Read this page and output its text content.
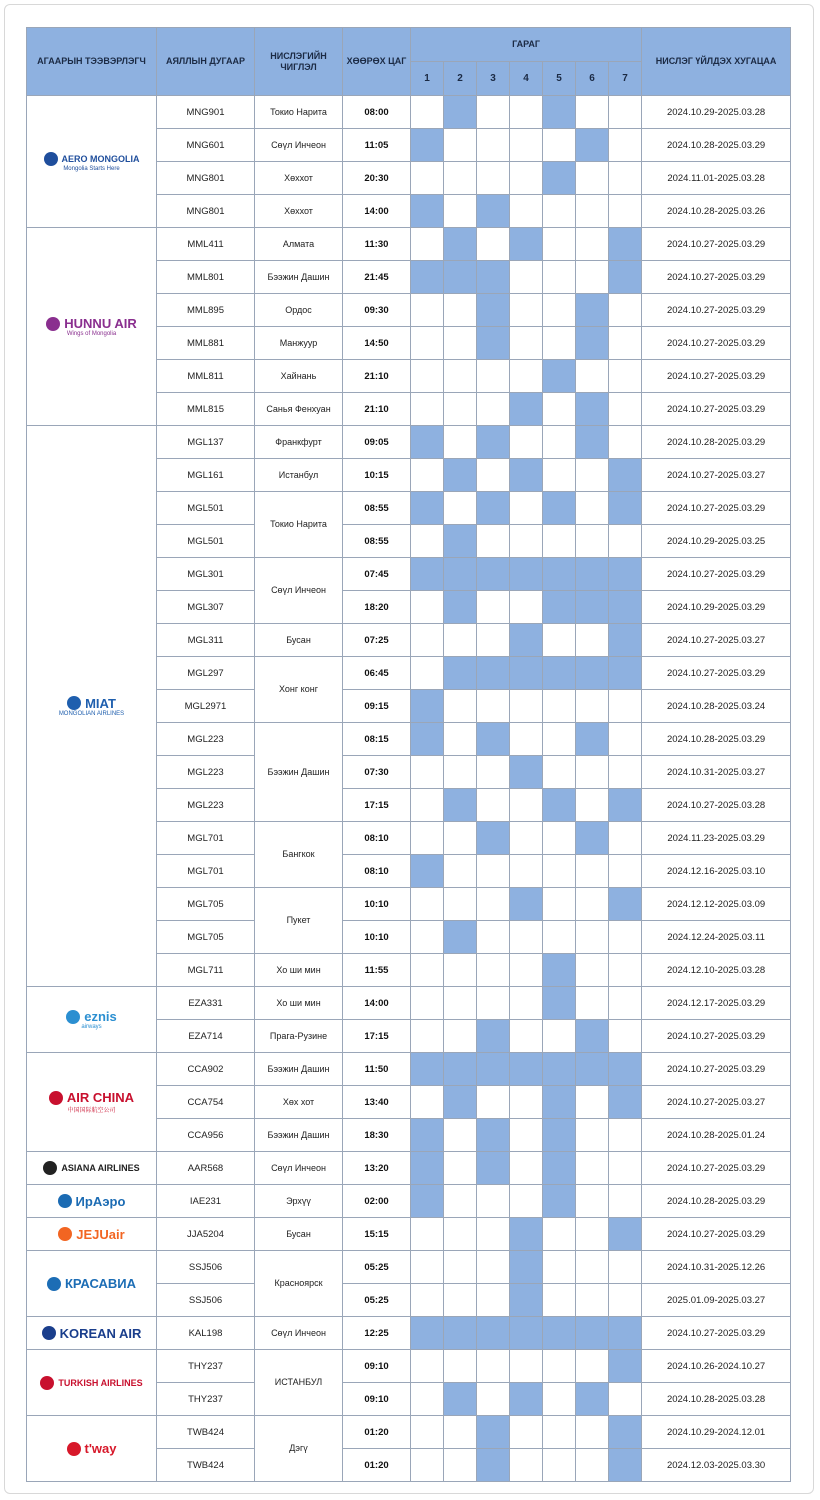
АГААРЫН ТЭЭВЭРЛЭГЧ	АЯЛЛЫН ДУГААР	НИСЛЭГИЙН ЧИГЛЭЛ	ХӨӨРӨХ ЦАГ	ГАРАГ							НИСЛЭГ ҮЙЛДЭХ ХУГАЦАА
				1	2	3	4	5	6	7	

AERO MONGOLIA
Mongolia Starts Here	MNG901	Токио Нарита	08:00								2024.10.29-2025.03.28
	MNG601	Сөүл Инчеон	11:05								2024.10.28-2025.03.29
	MNG801	Хөххот	20:30								2024.11.01-2025.03.28
	MNG801	Хөххот	14:00								2024.10.28-2025.03.26

HUNNU AIR
Wings of Mongolia	MML411	Алмата	11:30								2024.10.27-2025.03.29
	MML801	Бээжин Дашин	21:45								2024.10.27-2025.03.29
	MML895	Ордос	09:30								2024.10.27-2025.03.29
	MML881	Манжуур	14:50								2024.10.27-2025.03.29
	MML811	Хайнань	21:10								2024.10.27-2025.03.29
	MML815	Санья Фенхуан	21:10								2024.10.27-2025.03.29

MIAT
MONGOLIAN AIRLINES	MGL137	Франкфурт	09:05								2024.10.28-2025.03.29
	MGL161	Истанбул	10:15								2024.10.27-2025.03.27
	MGL501	Токио Нарита	08:55								2024.10.27-2025.03.29
	MGL501		08:55								2024.10.29-2025.03.25
	MGL301	Сөүл Инчеон	07:45								2024.10.27-2025.03.29
	MGL307		18:20								2024.10.29-2025.03.29
	MGL311	Бусан	07:25								2024.10.27-2025.03.27
	MGL297	Хонг конг	06:45								2024.10.27-2025.03.29
	MGL2971		09:15								2024.10.28-2025.03.24
	MGL223	Бээжин Дашин	08:15								2024.10.28-2025.03.29
	MGL223		07:30								2024.10.31-2025.03.27
	MGL223		17:15								2024.10.27-2025.03.28
	MGL701	Бангкок	08:10								2024.11.23-2025.03.29
	MGL701		08:10								2024.12.16-2025.03.10
	MGL705	Пукет	10:10								2024.12.12-2025.03.09
	MGL705		10:10								2024.12.24-2025.03.11
	MGL711	Хо ши мин	11:55								2024.12.10-2025.03.28

eznis
airways	EZA331	Хо ши мин	14:00								2024.12.17-2025.03.29
	EZA714	Прага-Рузине	17:15								2024.10.27-2025.03.29

AIR CHINA
中国国际航空公司	CCA902	Бээжин Дашин	11:50								2024.10.27-2025.03.29
	CCA754	Хөх хот	13:40								2024.10.27-2025.03.27
	CCA956	Бээжин Дашин	18:30								2024.10.28-2025.01.24

ASIANA AIRLINES	AAR568	Сөүл Инчеон	13:20								2024.10.27-2025.03.29

ИрАэро	IAE231	Эрхүү	02:00								2024.10.28-2025.03.29

JEJUair	JJA5204	Бусан	15:15								2024.10.27-2025.03.29

КРАСАВИА	SSJ506	Красноярск	05:25								2024.10.31-2025.12.26
	SSJ506		05:25								2025.01.09-2025.03.27

KOREAN AIR	KAL198	Сөүл Инчеон	12:25								2024.10.27-2025.03.29

TURKISH AIRLINES	THY237	ИСТАНБУЛ	09:10								2024.10.26-2024.10.27
	THY237		09:10								2024.10.28-2025.03.28

t'way	TWB424	Дэгү	01:20								2024.10.29-2024.12.01
	TWB424		01:20								2024.12.03-2025.03.30
